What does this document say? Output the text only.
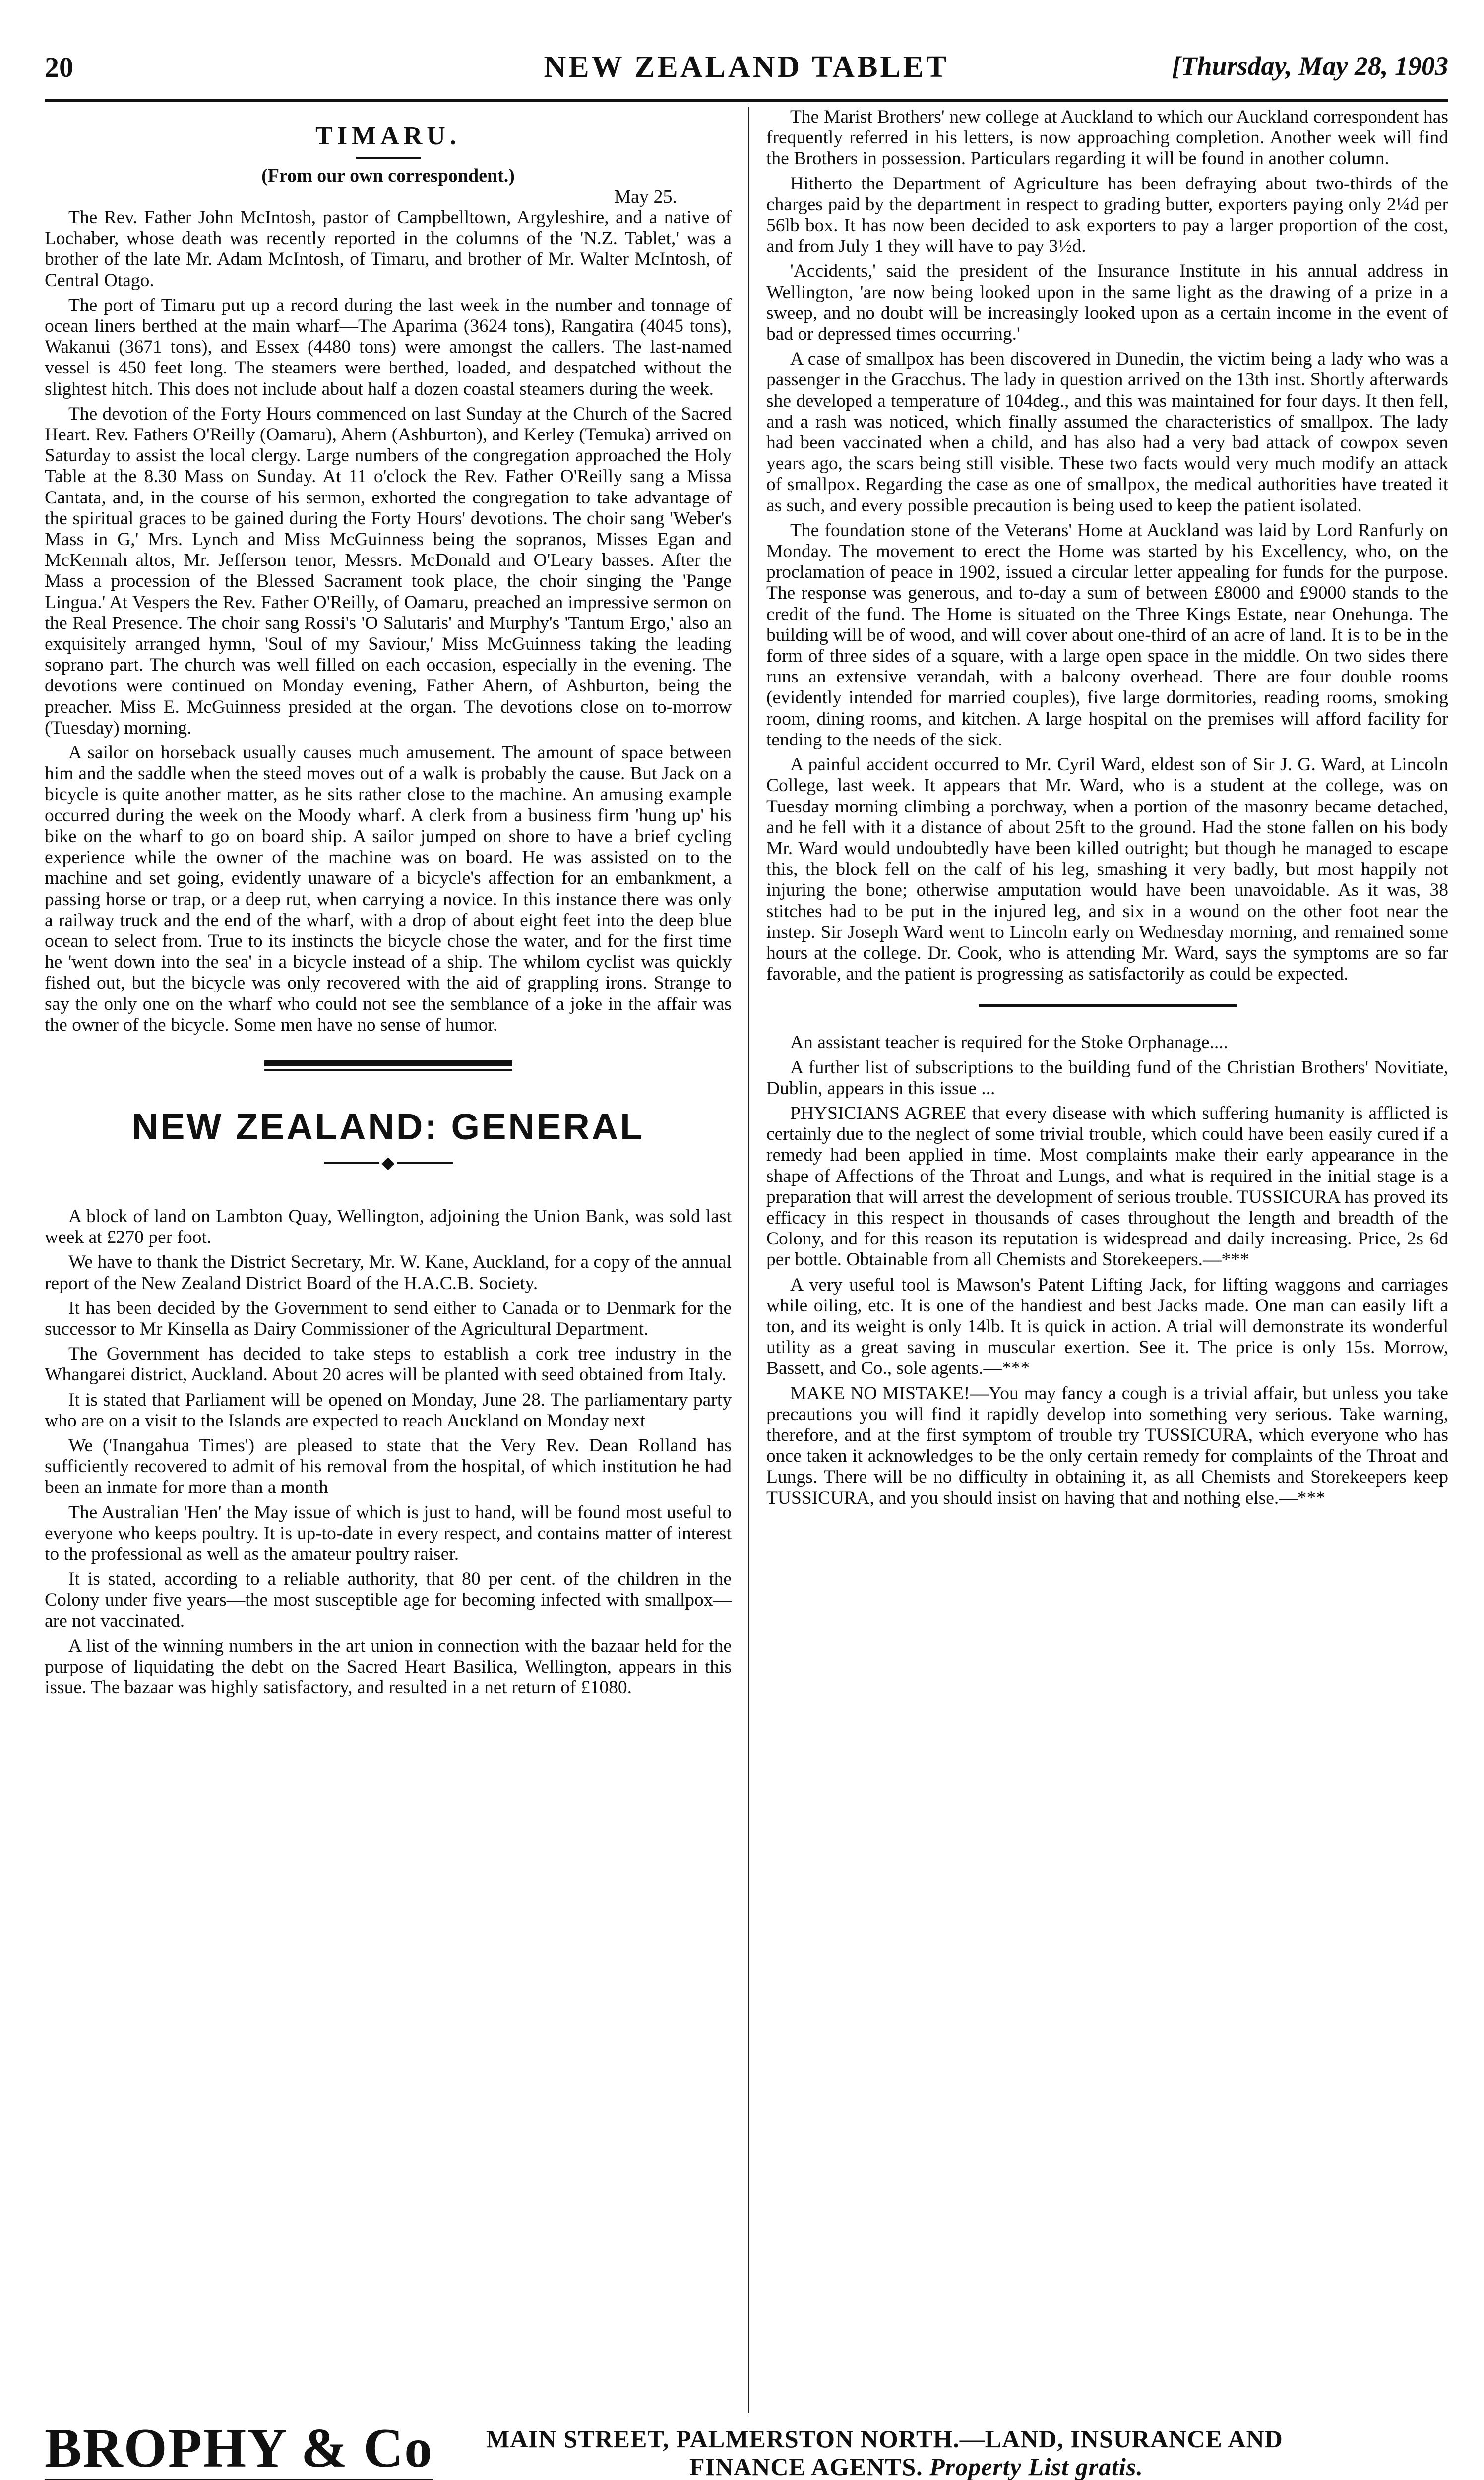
20	NEW ZEALAND TABLET	[Thursday, May 28, 1903
TIMARU.
(From our own correspondent.)
May 25.

The Rev. Father John McIntosh, pastor of Campbelltown, Argyleshire, and a native of Lochaber, whose death was recently reported in the columns of the 'N.Z. Tablet,' was a brother of the late Mr. Adam McIntosh, of Timaru, and brother of Mr. Walter McIntosh, of Central Otago.

The port of Timaru put up a record during the last week in the number and tonnage of ocean liners berthed at the main wharf—The Aparima (3624 tons), Rangatira (4045 tons), Wakanui (3671 tons), and Essex (4480 tons) were amongst the callers. The last-named vessel is 450 feet long. The steamers were berthed, loaded, and despatched without the slightest hitch. This does not include about half a dozen coastal steamers during the week.

The devotion of the Forty Hours commenced on last Sunday at the Church of the Sacred Heart. Rev. Fathers O'Reilly (Oamaru), Ahern (Ashburton), and Kerley (Temuka) arrived on Saturday to assist the local clergy. Large numbers of the congregation approached the Holy Table at the 8.30 Mass on Sunday. At 11 o'clock the Rev. Father O'Reilly sang a Missa Cantata, and, in the course of his sermon, exhorted the congregation to take advantage of the spiritual graces to be gained during the Forty Hours' devotions. The choir sang 'Weber's Mass in G,' Mrs. Lynch and Miss McGuinness being the sopranos, Misses Egan and McKennah altos, Mr. Jefferson tenor, Messrs. McDonald and O'Leary basses. After the Mass a procession of the Blessed Sacrament took place, the choir singing the 'Pange Lingua.' At Vespers the Rev. Father O'Reilly, of Oamaru, preached an impressive sermon on the Real Presence. The choir sang Rossi's 'O Salutaris' and Murphy's 'Tantum Ergo,' also an exquisitely arranged hymn, 'Soul of my Saviour,' Miss McGuinness taking the leading soprano part. The church was well filled on each occasion, especially in the evening. The devotions were continued on Monday evening, Father Ahern, of Ashburton, being the preacher. Miss E. McGuinness presided at the organ. The devotions close on to-morrow (Tuesday) morning.

A sailor on horseback usually causes much amusement. The amount of space between him and the saddle when the steed moves out of a walk is probably the cause. But Jack on a bicycle is quite another matter, as he sits rather close to the machine. An amusing example occurred during the week on the Moody wharf. A clerk from a business firm 'hung up' his bike on the wharf to go on board ship. A sailor jumped on shore to have a brief cycling experience while the owner of the machine was on board. He was assisted on to the machine and set going, evidently unaware of a bicycle's affection for an embankment, a passing horse or trap, or a deep rut, when carrying a novice. In this instance there was only a railway truck and the end of the wharf, with a drop of about eight feet into the deep blue ocean to select from. True to its instincts the bicycle chose the water, and for the first time he 'went down into the sea' in a bicycle instead of a ship. The whilom cyclist was quickly fished out, but the bicycle was only recovered with the aid of grappling irons. Strange to say the only one on the wharf who could not see the semblance of a joke in the affair was the owner of the bicycle. Some men have no sense of humor.

NEW ZEALAND: GENERAL
◆

A block of land on Lambton Quay, Wellington, adjoining the Union Bank, was sold last week at £270 per foot.

We have to thank the District Secretary, Mr. W. Kane, Auckland, for a copy of the annual report of the New Zealand District Board of the H.A.C.B. Society.

It has been decided by the Government to send either to Canada or to Denmark for the successor to Mr Kinsella as Dairy Commissioner of the Agricultural Department.

The Government has decided to take steps to establish a cork tree industry in the Whangarei district, Auckland. About 20 acres will be planted with seed obtained from Italy.

It is stated that Parliament will be opened on Monday, June 28. The parliamentary party who are on a visit to the Islands are expected to reach Auckland on Monday next

We ('Inangahua Times') are pleased to state that the Very Rev. Dean Rolland has sufficiently recovered to admit of his removal from the hospital, of which institution he had been an inmate for more than a month

The Australian 'Hen' the May issue of which is just to hand, will be found most useful to everyone who keeps poultry. It is up-to-date in every respect, and contains matter of interest to the professional as well as the amateur poultry raiser.

It is stated, according to a reliable authority, that 80 per cent. of the children in the Colony under five years—the most susceptible age for becoming infected with smallpox—are not vaccinated.

A list of the winning numbers in the art union in connection with the bazaar held for the purpose of liquidating the debt on the Sacred Heart Basilica, Wellington, appears in this issue. The bazaar was highly satisfactory, and resulted in a net return of £1080.

The Marist Brothers' new college at Auckland to which our Auckland correspondent has frequently referred in his letters, is now approaching completion. Another week will find the Brothers in possession. Particulars regarding it will be found in another column.

Hitherto the Department of Agriculture has been defraying about two-thirds of the charges paid by the department in respect to grading butter, exporters paying only 2¼d per 56lb box. It has now been decided to ask exporters to pay a larger proportion of the cost, and from July 1 they will have to pay 3½d.

'Accidents,' said the president of the Insurance Institute in his annual address in Wellington, 'are now being looked upon in the same light as the drawing of a prize in a sweep, and no doubt will be increasingly looked upon as a certain income in the event of bad or depressed times occurring.'

A case of smallpox has been discovered in Dunedin, the victim being a lady who was a passenger in the Gracchus. The lady in question arrived on the 13th inst. Shortly afterwards she developed a temperature of 104deg., and this was maintained for four days. It then fell, and a rash was noticed, which finally assumed the characteristics of smallpox. The lady had been vaccinated when a child, and has also had a very bad attack of cowpox seven years ago, the scars being still visible. These two facts would very much modify an attack of smallpox. Regarding the case as one of smallpox, the medical authorities have treated it as such, and every possible precaution is being used to keep the patient isolated.

The foundation stone of the Veterans' Home at Auckland was laid by Lord Ranfurly on Monday. The movement to erect the Home was started by his Excellency, who, on the proclamation of peace in 1902, issued a circular letter appealing for funds for the purpose. The response was generous, and to-day a sum of between £8000 and £9000 stands to the credit of the fund. The Home is situated on the Three Kings Estate, near Onehunga. The building will be of wood, and will cover about one-third of an acre of land. It is to be in the form of three sides of a square, with a large open space in the middle. On two sides there runs an extensive verandah, with a balcony overhead. There are four double rooms (evidently intended for married couples), five large dormitories, reading rooms, smoking room, dining rooms, and kitchen. A large hospital on the premises will afford facility for tending to the needs of the sick.

A painful accident occurred to Mr. Cyril Ward, eldest son of Sir J. G. Ward, at Lincoln College, last week. It appears that Mr. Ward, who is a student at the college, was on Tuesday morning climbing a porchway, when a portion of the masonry became detached, and he fell with it a distance of about 25ft to the ground. Had the stone fallen on his body Mr. Ward would undoubtedly have been killed outright; but though he managed to escape this, the block fell on the calf of his leg, smashing it very badly, but most happily not injuring the bone; otherwise amputation would have been unavoidable. As it was, 38 stitches had to be put in the injured leg, and six in a wound on the other foot near the instep. Sir Joseph Ward went to Lincoln early on Wednesday morning, and remained some hours at the college. Dr. Cook, who is attending Mr. Ward, says the symptoms are so far favorable, and the patient is progressing as satisfactorily as could be expected.

An assistant teacher is required for the Stoke Orphanage....

A further list of subscriptions to the building fund of the Christian Brothers' Novitiate, Dublin, appears in this issue ...

PHYSICIANS AGREE that every disease with which suffering humanity is afflicted is certainly due to the neglect of some trivial trouble, which could have been easily cured if a remedy had been applied in time. Most complaints make their early appearance in the shape of Affections of the Throat and Lungs, and what is required in the initial stage is a preparation that will arrest the development of serious trouble. TUSSICURA has proved its efficacy in this respect in thousands of cases throughout the length and breadth of the Colony, and for this reason its reputation is widespread and daily increasing. Price, 2s 6d per bottle. Obtainable from all Chemists and Storekeepers.—***

A very useful tool is Mawson's Patent Lifting Jack, for lifting waggons and carriages while oiling, etc. It is one of the handiest and best Jacks made. One man can easily lift a ton, and its weight is only 14lb. It is quick in action. A trial will demonstrate its wonderful utility as a great saving in muscular exertion. See it. The price is only 15s. Morrow, Bassett, and Co., sole agents.—***

MAKE NO MISTAKE!—You may fancy a cough is a trivial affair, but unless you take precautions you will find it rapidly develop into something very serious. Take warning, therefore, and at the first symptom of trouble try TUSSICURA, which everyone who has once taken it acknowledges to be the only certain remedy for complaints of the Throat and Lungs. There will be no difficulty in obtaining it, as all Chemists and Storekeepers keep TUSSICURA, and you should insist on having that and nothing else.—***

BROPHY & Co MAIN STREET, PALMERSTON NORTH.—LAND, INSURANCE AND
FINANCE AGENTS. Property List gratis.
